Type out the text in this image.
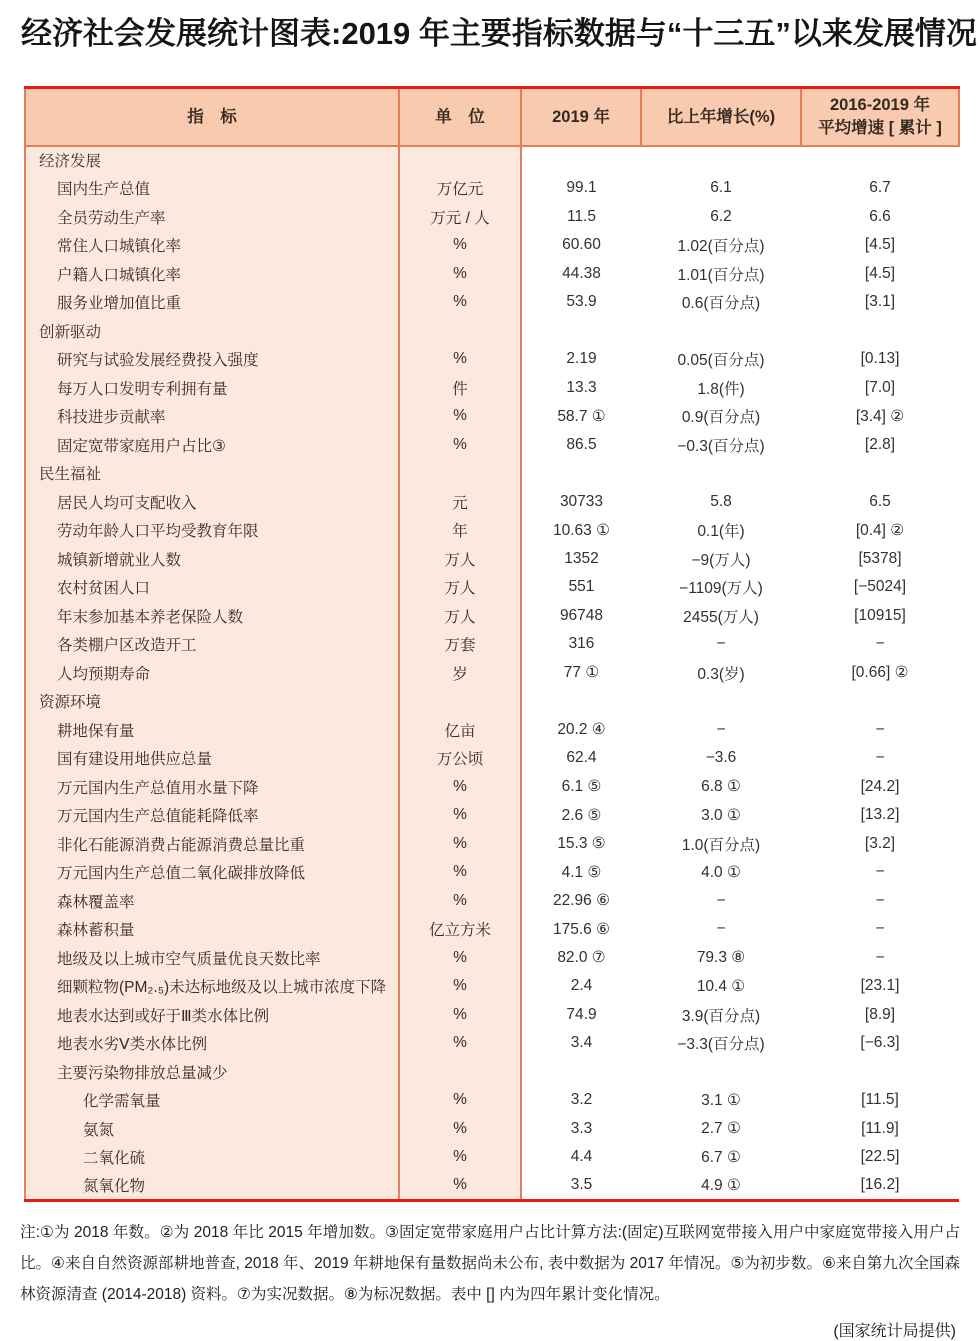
经济社会发展统计图表:2019 年主要指标数据与“十三五”以来发展情况
指　标	单　位	2019 年	比上年增长(%)	2016-2019 年
平均增速 [ 累计 ]

经济发展				
国内生产总值	万亿元	99.1	6.1	6.7
全员劳动生产率	万元 / 人	11.5	6.2	6.6
常住人口城镇化率	%	60.60	1.02(百分点)	[4.5]
户籍人口城镇化率	%	44.38	1.01(百分点)	[4.5]
服务业增加值比重	%	53.9	0.6(百分点)	[3.1]
创新驱动				
研究与试验发展经费投入强度	%	2.19	0.05(百分点)	[0.13]
每万人口发明专利拥有量	件	13.3	1.8(件)	[7.0]
科技进步贡献率	%	58.7 ①	0.9(百分点)	[3.4] ②
固定宽带家庭用户占比③	%	86.5	−0.3(百分点)	[2.8]
民生福祉				
居民人均可支配收入	元	30733	5.8	6.5
劳动年龄人口平均受教育年限	年	10.63 ①	0.1(年)	[0.4] ②
城镇新增就业人数	万人	1352	−9(万人)	[5378]
农村贫困人口	万人	551	−1109(万人)	[−5024]
年末参加基本养老保险人数	万人	96748	2455(万人)	[10915]
各类棚户区改造开工	万套	316	−	−
人均预期寿命	岁	77 ①	0.3(岁)	[0.66] ②
资源环境				
耕地保有量	亿亩	20.2 ④	−	−
国有建设用地供应总量	万公顷	62.4	−3.6	−
万元国内生产总值用水量下降	%	6.1 ⑤	6.8 ①	[24.2]
万元国内生产总值能耗降低率	%	2.6 ⑤	3.0 ①	[13.2]
非化石能源消费占能源消费总量比重	%	15.3 ⑤	1.0(百分点)	[3.2]
万元国内生产总值二氧化碳排放降低	%	4.1 ⑤	4.0 ①	−
森林覆盖率	%	22.96 ⑥	−	−
森林蓄积量	亿立方米	175.6 ⑥	−	−
地级及以上城市空气质量优良天数比率	%	82.0 ⑦	79.3 ⑧	−
细颗粒物(PM₂.₅)未达标地级及以上城市浓度下降	%	2.4	10.4 ①	[23.1]
地表水达到或好于Ⅲ类水体比例	%	74.9	3.9(百分点)	[8.9]
地表水劣Ⅴ类水体比例	%	3.4	−3.3(百分点)	[−6.3]
主要污染物排放总量减少				
化学需氧量	%	3.2	3.1 ①	[11.5]
氨氮	%	3.3	2.7 ①	[11.9]
二氧化硫	%	4.4	6.7 ①	[22.5]
氮氧化物	%	3.5	4.9 ①	[16.2]

注:①为 2018 年数。②为 2018 年比 2015 年增加数。③固定宽带家庭用户占比计算方法:(固定)互联网宽带接入用户中家庭宽带接入用户占比。④来自自然资源部耕地普查, 2018 年、2019 年耕地保有量数据尚未公布, 表中数据为 2017 年情况。⑤为初步数。⑥来自第九次全国森林资源清查 (2014-2018) 资料。⑦为实况数据。⑧为标况数据。表中 [] 内为四年累计变化情况。

(国家统计局提供)
